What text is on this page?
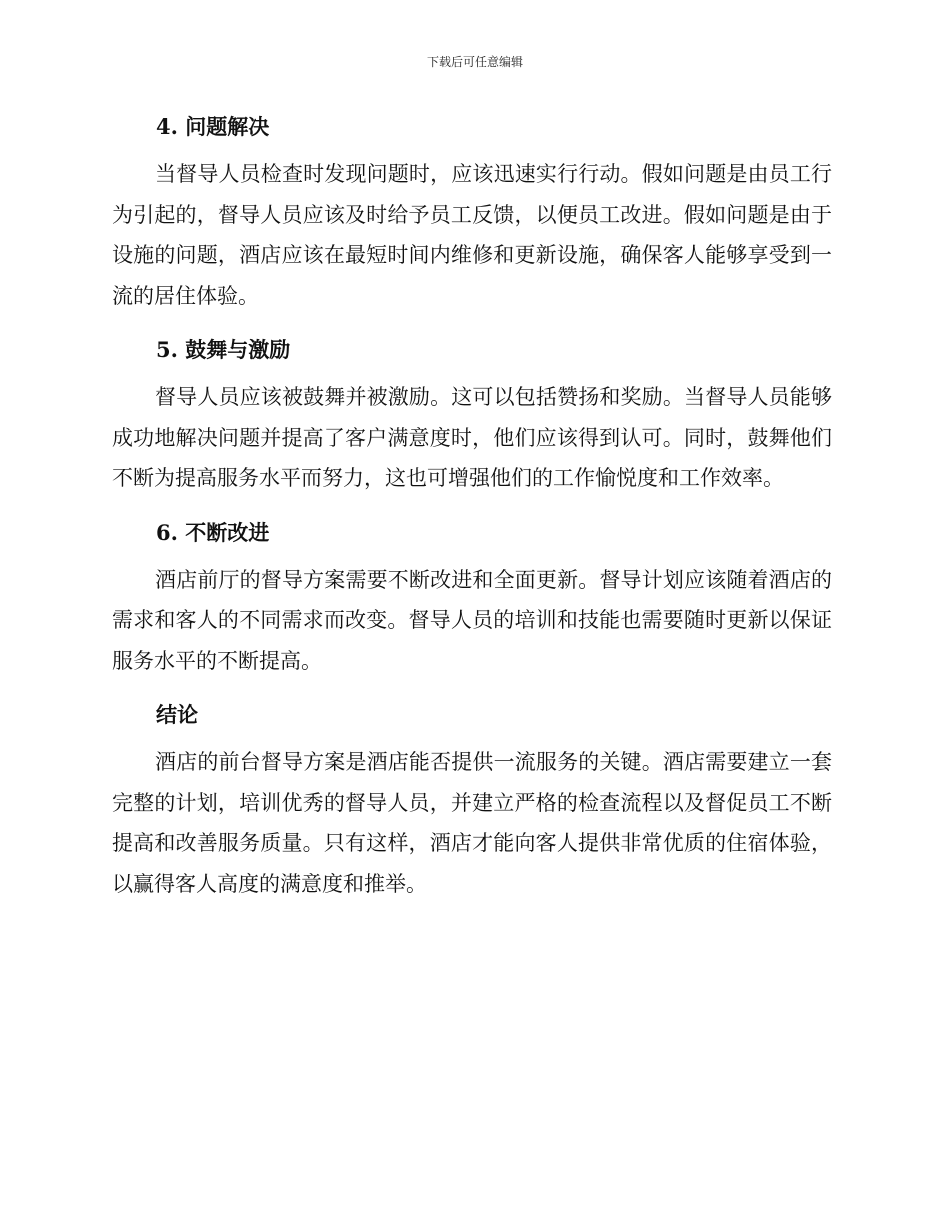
下载后可任意编辑
4. 问题解决

当督导人员检查时发现问题时，应该迅速实行行动。假如问题是由员工行为引起的，督导人员应该及时给予员工反馈，以便员工改进。假如问题是由于设施的问题，酒店应该在最短时间内维修和更新设施，确保客人能够享受到一流的居住体验。

5. 鼓舞与激励

督导人员应该被鼓舞并被激励。这可以包括赞扬和奖励。当督导人员能够成功地解决问题并提高了客户满意度时，他们应该得到认可。同时，鼓舞他们不断为提高服务水平而努力，这也可增强他们的工作愉悦度和工作效率。

6. 不断改进

酒店前厅的督导方案需要不断改进和全面更新。督导计划应该随着酒店的需求和客人的不同需求而改变。督导人员的培训和技能也需要随时更新以保证服务水平的不断提高。

结论

酒店的前台督导方案是酒店能否提供一流服务的关键。酒店需要建立一套完整的计划，培训优秀的督导人员，并建立严格的检查流程以及督促员工不断提高和改善服务质量。只有这样，酒店才能向客人提供非常优质的住宿体验，以赢得客人高度的满意度和推举。
